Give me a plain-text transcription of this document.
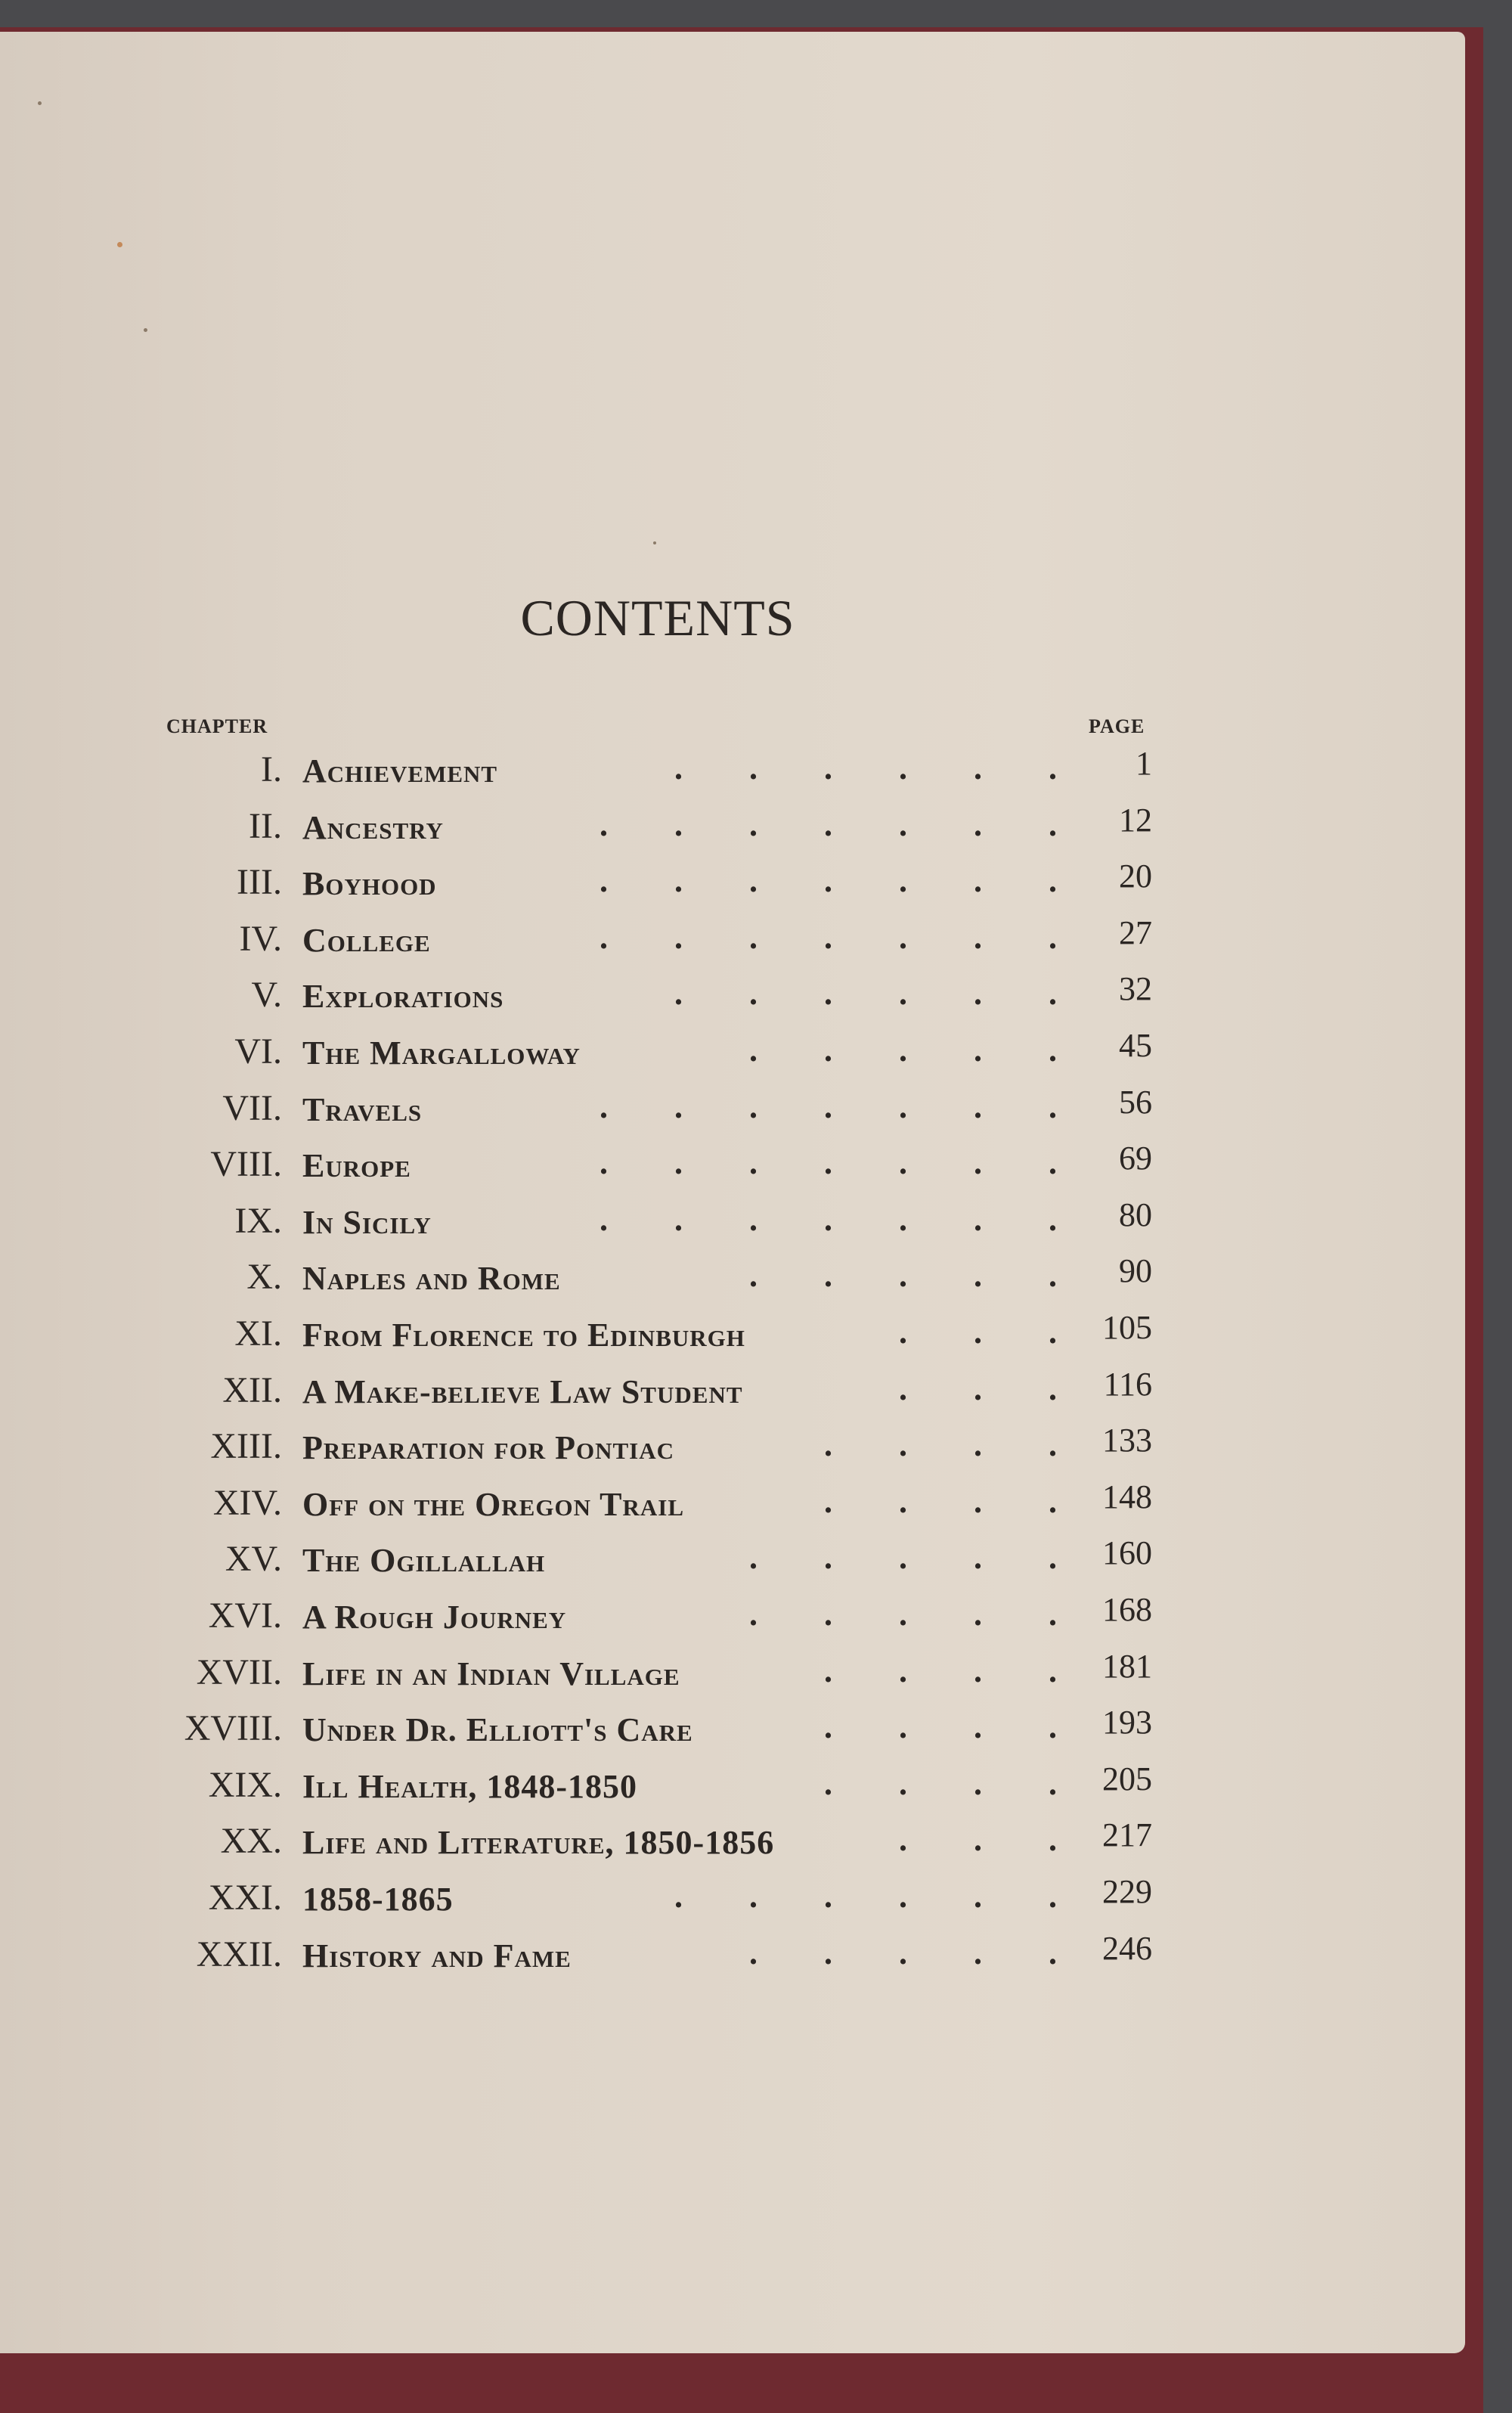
CONTENTS
CHAPTER	PAGE
I. Achievement	.  .  .  .  .  .	1
II. Ancestry	.  .  .  .  .  .  .	12
III. Boyhood	.  .  .  .  .  .  .	20
IV. College	.  .  .  .  .  .  .	27
V. Explorations	.  .  .  .  .  .	32
VI. The Margalloway	.  .  .  .  .	45
VII. Travels	.  .  .  .  .  .  .	56
VIII. Europe	.  .  .  .  .  .  .	69
IX. In Sicily	.  .  .  .  .  .  .	80
X. Naples and Rome	.  .  .  .  .	90
XI. From Florence to Edinburgh	.  .  .	105
XII. A Make-believe Law Student	.  .  .	116
XIII. Preparation for Pontiac	.  .  .  .	133
XIV. Off on the Oregon Trail	.  .  .  .	148
XV. The Ogillallah	.  .  .  .  .	160
XVI. A Rough Journey	.  .  .  .  .	168
XVII. Life in an Indian Village	.  .  .  .	181
XVIII. Under Dr. Elliott's Care	.  .  .  .	193
XIX. Ill Health, 1848-1850	.  .  .  .	205
XX. Life and Literature, 1850-1856	.  .  .	217
XXI. 1858-1865	.  .  .  .  .  .	229
XXII. History and Fame	.  .  .  .  .	246
